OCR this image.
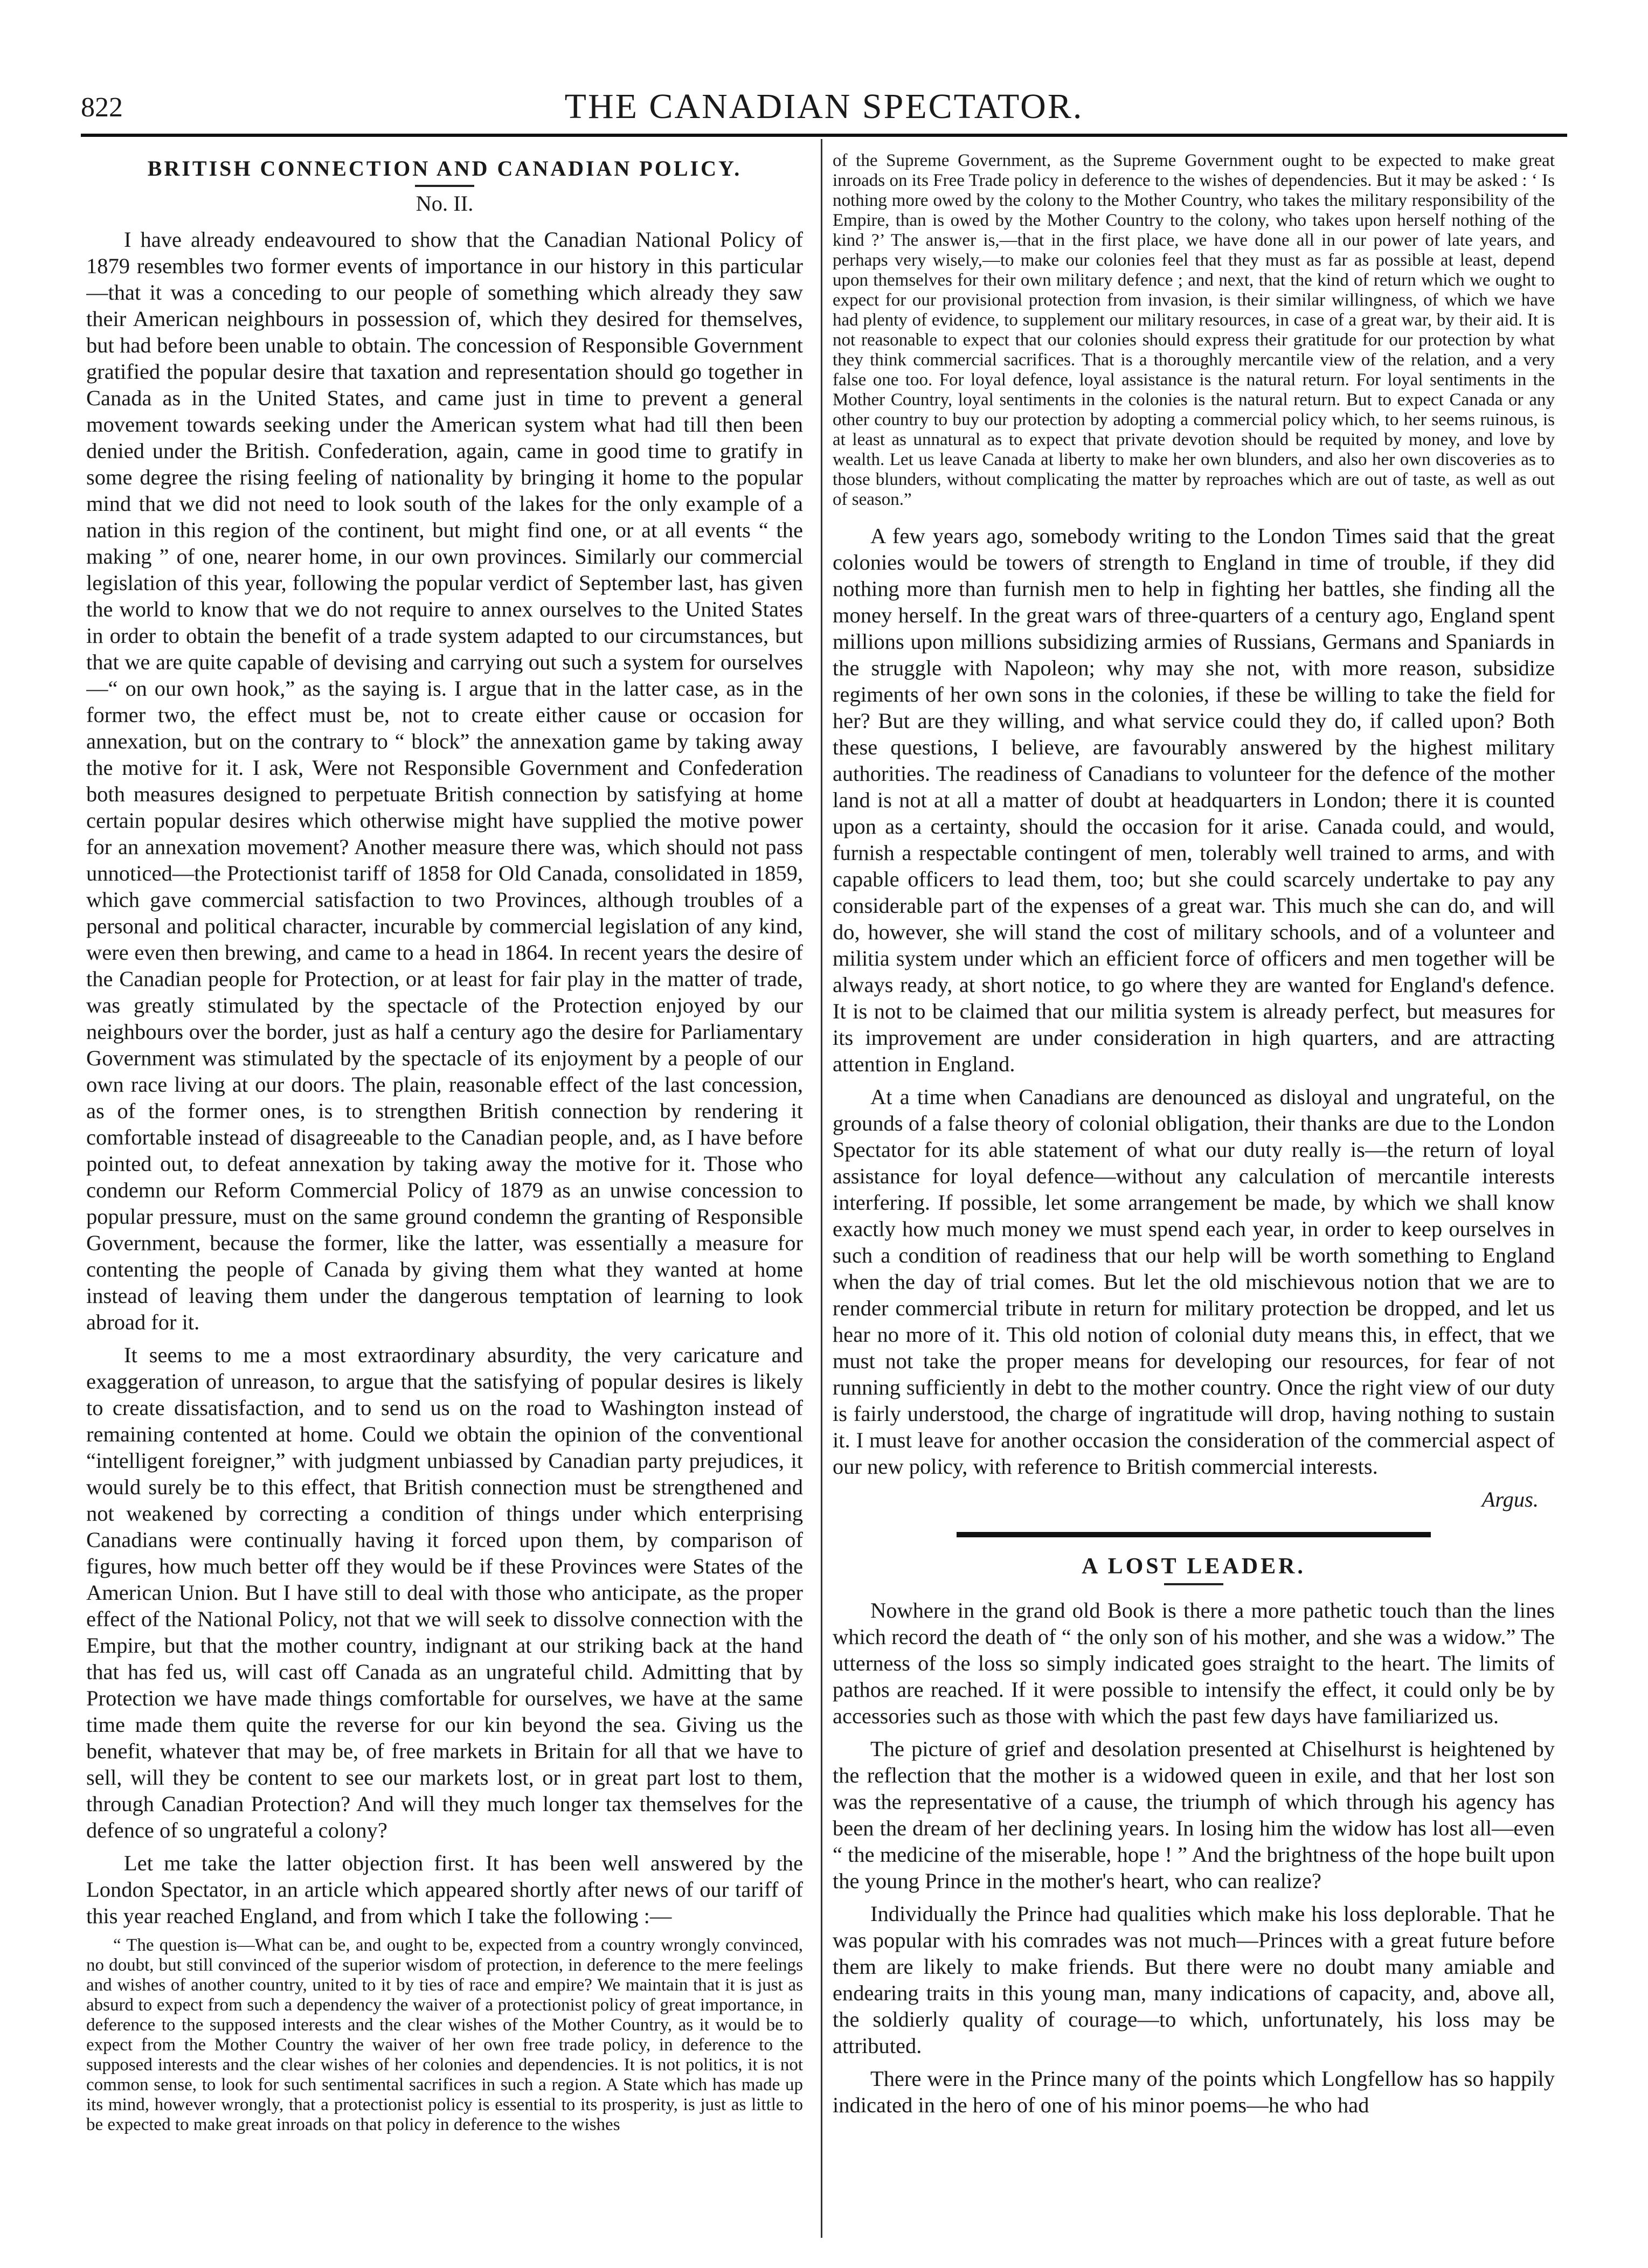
822	THE CANADIAN SPECTATOR.
BRITISH CONNECTION AND CANADIAN POLICY.
No. II.

I have already endeavoured to show that the Canadian National Policy of 1879 resembles two former events of importance in our history in this particular —that it was a conceding to our people of something which already they saw their American neighbours in possession of, which they desired for themselves, but had before been unable to obtain. The concession of Responsible Government gratified the popular desire that taxation and representation should go together in Canada as in the United States, and came just in time to prevent a general movement towards seeking under the American system what had till then been denied under the British. Confederation, again, came in good time to gratify in some degree the rising feeling of nationality by bringing it home to the popular mind that we did not need to look south of the lakes for the only example of a nation in this region of the continent, but might find one, or at all events “ the making ” of one, nearer home, in our own provinces. Similarly our commercial legislation of this year, following the popular verdict of September last, has given the world to know that we do not require to annex ourselves to the United States in order to obtain the benefit of a trade system adapted to our circumstances, but that we are quite capable of devising and carrying out such a system for ourselves—“ on our own hook,” as the saying is. I argue that in the latter case, as in the former two, the effect must be, not to create either cause or occasion for annexation, but on the contrary to “ block” the annexation game by taking away the motive for it. I ask, Were not Responsible Government and Confederation both measures designed to perpetuate British connection by satisfying at home certain popular desires which otherwise might have supplied the motive power for an annexation movement? Another measure there was, which should not pass unnoticed—the Protectionist tariff of 1858 for Old Canada, consolidated in 1859, which gave commercial satisfaction to two Provinces, although troubles of a personal and political character, incurable by commercial legislation of any kind, were even then brewing, and came to a head in 1864. In recent years the desire of the Canadian people for Protection, or at least for fair play in the matter of trade, was greatly stimulated by the spectacle of the Protection enjoyed by our neighbours over the border, just as half a century ago the desire for Parliamentary Government was stimulated by the spectacle of its enjoyment by a people of our own race living at our doors. The plain, reasonable effect of the last concession, as of the former ones, is to strengthen British connection by rendering it comfortable instead of disagreeable to the Canadian people, and, as I have before pointed out, to defeat annexation by taking away the motive for it. Those who condemn our Reform Commercial Policy of 1879 as an unwise concession to popular pressure, must on the same ground condemn the granting of Responsible Government, because the former, like the latter, was essentially a measure for contenting the people of Canada by giving them what they wanted at home instead of leaving them under the dangerous temptation of learning to look abroad for it.

It seems to me a most extraordinary absurdity, the very caricature and exaggeration of unreason, to argue that the satisfying of popular desires is likely to create dissatisfaction, and to send us on the road to Washington instead of remaining contented at home. Could we obtain the opinion of the conventional “intelligent foreigner,” with judgment unbiassed by Canadian party prejudices, it would surely be to this effect, that British connection must be strengthened and not weakened by correcting a condition of things under which enterprising Canadians were continually having it forced upon them, by comparison of figures, how much better off they would be if these Provinces were States of the American Union. But I have still to deal with those who anticipate, as the proper effect of the National Policy, not that we will seek to dissolve connection with the Empire, but that the mother country, indignant at our striking back at the hand that has fed us, will cast off Canada as an ungrateful child. Admitting that by Protection we have made things comfortable for ourselves, we have at the same time made them quite the reverse for our kin beyond the sea. Giving us the benefit, whatever that may be, of free markets in Britain for all that we have to sell, will they be content to see our markets lost, or in great part lost to them, through Canadian Protection? And will they much longer tax themselves for the defence of so ungrateful a colony?

Let me take the latter objection first. It has been well answered by the London Spectator, in an article which appeared shortly after news of our tariff of this year reached England, and from which I take the following :—

“ The question is—What can be, and ought to be, expected from a country wrongly convinced, no doubt, but still convinced of the superior wisdom of protection, in deference to the mere feelings and wishes of another country, united to it by ties of race and empire? We maintain that it is just as absurd to expect from such a dependency the waiver of a protectionist policy of great importance, in deference to the supposed interests and the clear wishes of the Mother Country, as it would be to expect from the Mother Country the waiver of her own free trade policy, in deference to the supposed interests and the clear wishes of her colonies and dependencies. It is not politics, it is not common sense, to look for such sentimental sacrifices in such a region. A State which has made up its mind, however wrongly, that a protectionist policy is essential to its prosperity, is just as little to be expected to make great inroads on that policy in deference to the wishes

of the Supreme Government, as the Supreme Government ought to be expected to make great inroads on its Free Trade policy in deference to the wishes of dependencies. But it may be asked : ‘ Is nothing more owed by the colony to the Mother Country, who takes the military responsibility of the Empire, than is owed by the Mother Country to the colony, who takes upon herself nothing of the kind ?’ The answer is,—that in the first place, we have done all in our power of late years, and perhaps very wisely,—to make our colonies feel that they must as far as possible at least, depend upon themselves for their own military defence ; and next, that the kind of return which we ought to expect for our provisional protection from invasion, is their similar willingness, of which we have had plenty of evidence, to supplement our military resources, in case of a great war, by their aid. It is not reasonable to expect that our colonies should express their gratitude for our protection by what they think commercial sacrifices. That is a thoroughly mercantile view of the relation, and a very false one too. For loyal defence, loyal assistance is the natural return. For loyal sentiments in the Mother Country, loyal sentiments in the colonies is the natural return. But to expect Canada or any other country to buy our protection by adopting a commercial policy which, to her seems ruinous, is at least as unnatural as to expect that private devotion should be requited by money, and love by wealth. Let us leave Canada at liberty to make her own blunders, and also her own discoveries as to those blunders, without complicating the matter by reproaches which are out of taste, as well as out of season.”

A few years ago, somebody writing to the London Times said that the great colonies would be towers of strength to England in time of trouble, if they did nothing more than furnish men to help in fighting her battles, she finding all the money herself. In the great wars of three-quarters of a century ago, England spent millions upon millions subsidizing armies of Russians, Germans and Spaniards in the struggle with Napoleon; why may she not, with more reason, subsidize regiments of her own sons in the colonies, if these be willing to take the field for her? But are they willing, and what service could they do, if called upon? Both these questions, I believe, are favourably answered by the highest military authorities. The readiness of Canadians to volunteer for the defence of the mother land is not at all a matter of doubt at headquarters in London; there it is counted upon as a certainty, should the occasion for it arise. Canada could, and would, furnish a respectable contingent of men, tolerably well trained to arms, and with capable officers to lead them, too; but she could scarcely undertake to pay any considerable part of the expenses of a great war. This much she can do, and will do, however, she will stand the cost of military schools, and of a volunteer and militia system under which an efficient force of officers and men together will be always ready, at short notice, to go where they are wanted for England's defence. It is not to be claimed that our militia system is already perfect, but measures for its improvement are under consideration in high quarters, and are attracting attention in England.

At a time when Canadians are denounced as disloyal and ungrateful, on the grounds of a false theory of colonial obligation, their thanks are due to the London Spectator for its able statement of what our duty really is—the return of loyal assistance for loyal defence—without any calculation of mercantile interests interfering. If possible, let some arrangement be made, by which we shall know exactly how much money we must spend each year, in order to keep ourselves in such a condition of readiness that our help will be worth something to England when the day of trial comes. But let the old mischievous notion that we are to render commercial tribute in return for military protection be dropped, and let us hear no more of it. This old notion of colonial duty means this, in effect, that we must not take the proper means for developing our resources, for fear of not running sufficiently in debt to the mother country. Once the right view of our duty is fairly understood, the charge of ingratitude will drop, having nothing to sustain it. I must leave for another occasion the consideration of the commercial aspect of our new policy, with reference to British commercial interests.

Argus.
A LOST LEADER.

Nowhere in the grand old Book is there a more pathetic touch than the lines which record the death of “ the only son of his mother, and she was a widow.” The utterness of the loss so simply indicated goes straight to the heart. The limits of pathos are reached. If it were possible to intensify the effect, it could only be by accessories such as those with which the past few days have familiarized us.

The picture of grief and desolation presented at Chiselhurst is heightened by the reflection that the mother is a widowed queen in exile, and that her lost son was the representative of a cause, the triumph of which through his agency has been the dream of her declining years. In losing him the widow has lost all—even “ the medicine of the miserable, hope ! ” And the brightness of the hope built upon the young Prince in the mother's heart, who can realize?

Individually the Prince had qualities which make his loss deplorable. That he was popular with his comrades was not much—Princes with a great future before them are likely to make friends. But there were no doubt many amiable and endearing traits in this young man, many indications of capacity, and, above all, the soldierly quality of courage—to which, unfortunately, his loss may be attributed.

There were in the Prince many of the points which Longfellow has so happily indicated in the hero of one of his minor poems—he who had
